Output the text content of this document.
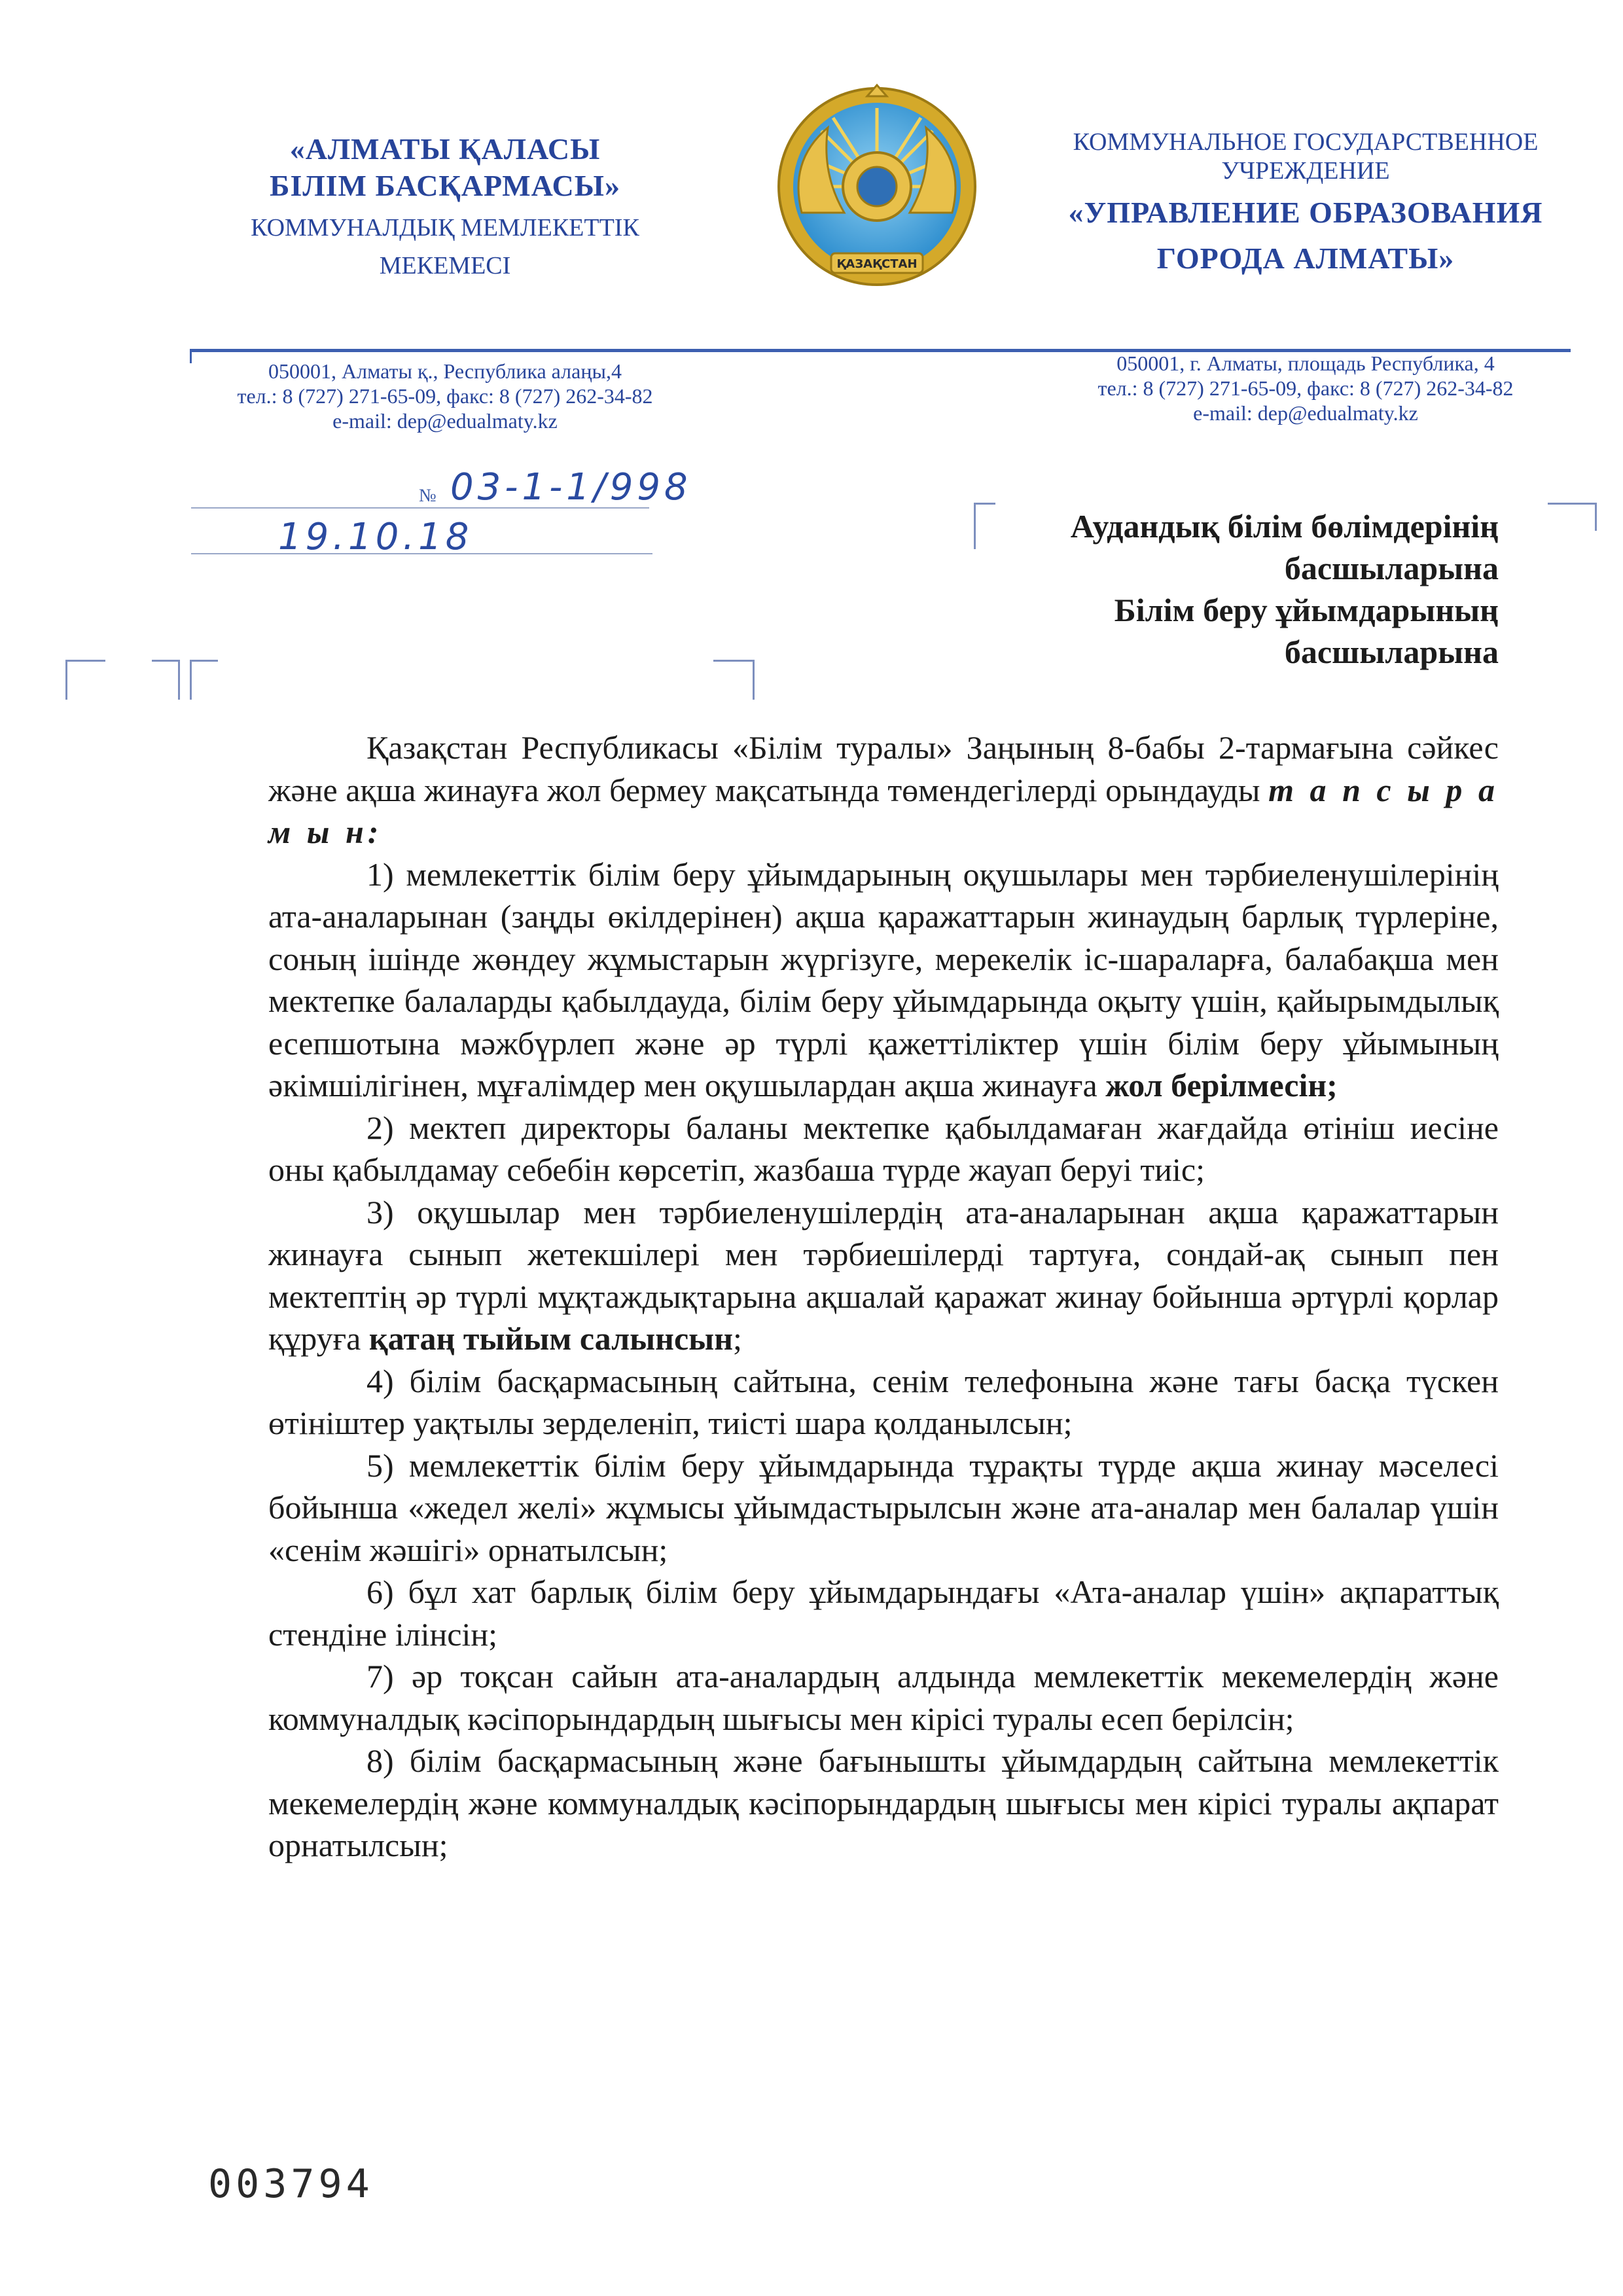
«АЛМАТЫ ҚАЛАСЫ
БІЛІМ БАСҚАРМАСЫ»
КОММУНАЛДЫҚ МЕМЛЕКЕТТІК
МЕКЕМЕСІ	ҚАЗАҚСТАН
КОММУНАЛЬНОЕ ГОСУДАРСТВЕННОЕ
УЧРЕЖДЕНИЕ
«УПРАВЛЕНИЕ ОБРАЗОВАНИЯ
ГОРОДА АЛМАТЫ»
050001, Алматы қ., Республика алаңы,4
тел.: 8 (727) 271-65-09, факс: 8 (727) 262-34-82
e-mail: dep@edualmaty.kz
050001, г. Алматы, площадь Республика, 4
тел.: 8 (727) 271-65-09, факс: 8 (727) 262-34-82
e-mail: dep@edualmaty.kz
№ 03-1-1/998
19.10.18	Аудандық білім бөлімдерінің
басшыларына
Білім беру ұйымдарының
басшыларына

Қазақстан Республикасы «Білім туралы» Заңының 8-бабы 2-тармағына сәйкес және ақша жинауға жол бермеу мақсатында төмендегілерді орындауды т а п с ы р а м ы н:

1) мемлекеттік білім беру ұйымдарының оқушылары мен тәрбиеленушілерінің ата-аналарынан (заңды өкілдерінен) ақша қаражаттарын жинаудың барлық түрлеріне, соның ішінде жөндеу жұмыстарын жүргізуге, мерекелік іс-шараларға, балабақша мен мектепке балаларды қабылдауда, білім беру ұйымдарында оқыту үшін, қайырымдылық есепшотына мәжбүрлеп және әр түрлі қажеттіліктер үшін білім беру ұйымының әкімшілігінен, мұғалімдер мен оқушылардан ақша жинауға жол берілмесін;

2) мектеп директоры баланы мектепке қабылдамаған жағдайда өтініш иесіне оны қабылдамау себебін көрсетіп, жазбаша түрде жауап беруі тиіс;

3) оқушылар мен тәрбиеленушілердің ата-аналарынан ақша қаражаттарын жинауға сынып жетекшілері мен тәрбиешілерді тартуға, сондай-ақ сынып пен мектептің әр түрлі мұқтаждықтарына ақшалай қаражат жинау бойынша әртүрлі қорлар құруға қатаң тыйым салынсын;

4) білім басқармасының сайтына, сенім телефонына және тағы басқа түскен өтініштер уақтылы зерделеніп, тиісті шара қолданылсын;

5) мемлекеттік білім беру ұйымдарында тұрақты түрде ақша жинау мәселесі бойынша «жедел желі» жұмысы ұйымдастырылсын және ата-аналар мен балалар үшін «сенім жәшігі» орнатылсын;

6) бұл хат барлық білім беру ұйымдарындағы «Ата-аналар үшін» ақпараттық стендіне ілінсін;

7) әр тоқсан сайын ата-аналардың алдында мемлекеттік мекемелердің және коммуналдық кәсіпорындардың шығысы мен кірісі туралы есеп берілсін;

8) білім басқармасының және бағынышты ұйымдардың сайтына мемлекеттік мекемелердің және коммуналдық кәсіпорындардың шығысы мен кірісі туралы ақпарат орнатылсын;

003794
